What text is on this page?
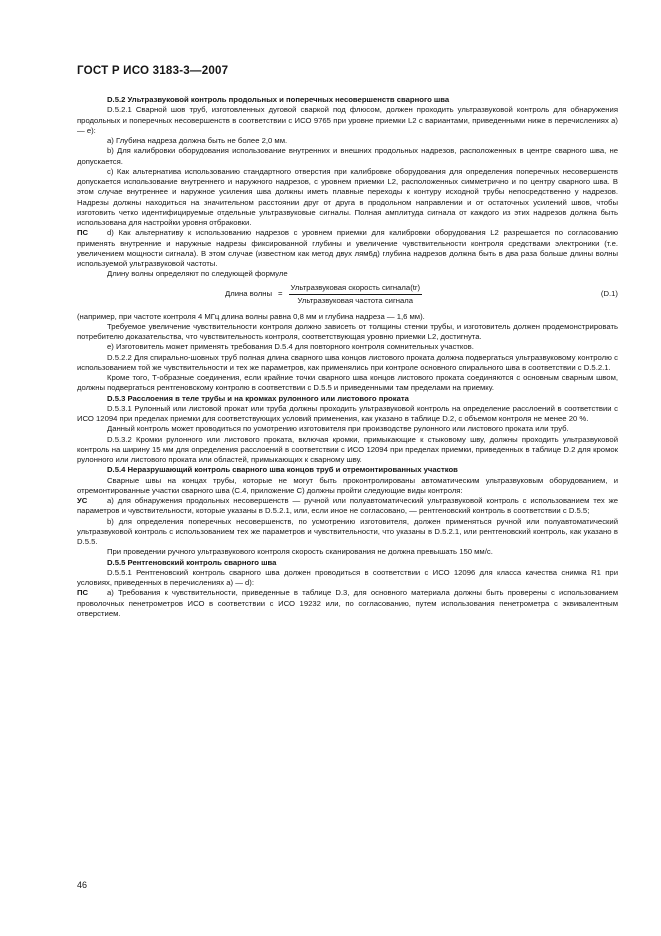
ГОСТ Р ИСО 3183-3—2007

D.5.2 Ультразвуковой контроль продольных и поперечных несовершенств сварного шва

D.5.2.1 Сварной шов труб, изготовленных дуговой сваркой под флюсом, должен проходить ультразвуковой контроль для обнаружения продольных и поперечных несовершенств в соответствии с ИСО 9765 при уровне приемки L2 с вариантами, приведенными ниже в перечислениях а) — е):

a) Глубина надреза должна быть не более 2,0 мм.

b) Для калибровки оборудования использование внутренних и внешних продольных надрезов, расположенных в центре сварного шва, не допускается.

c) Как альтернатива использованию стандартного отверстия при калибровке оборудования для определения поперечных несовершенств допускается использование внутреннего и наружного надрезов, с уровнем приемки L2, расположенных симметрично и по центру сварного шва. В этом случае внутреннее и наружное усиления шва должны иметь плавные переходы к контуру исходной трубы непосредственно у надрезов. Надрезы должны находиться на значительном расстоянии друг от друга в продольном направлении и от остаточных усилений швов, чтобы изготовить четко идентифицируемые отдельные ультразвуковые сигналы. Полная амплитуда сигнала от каждого из этих надрезов должна быть использована для настройки уровня отбраковки.

ПС	d) Как альтернативу к использованию надрезов с уровнем приемки для калибровки оборудования L2 разрешается по согласованию применять внутренние и наружные надрезы фиксированной глубины и увеличение чувствительности контроля средствами электроники (т.е. увеличением мощности сигнала). В этом случае (известном как метод двух лям6д) глубина надрезов должна быть в два раза больше длины волны используемой ультразвуковой частоты.

Длину волны определяют по следующей формуле

Длина волны = $\frac{\text{Ультразвуковая скорость сигнала(tr)}}{\text{Ультразвуковая частота сигнала}}$	(D.1)

(например, при частоте контроля 4 МГц длина волны равна 0,8 мм и глубина надреза — 1,6 мм).

Требуемое увеличение чувствительности контроля должно зависеть от толщины стенки трубы, и изготовитель должен продемонстрировать потребителю доказательства, что чувствительность контроля, соответствующая уровню приемки L2, достигнута.

e) Изготовитель может применять требования D.5.4 для повторного контроля сомнительных участков.

D.5.2.2 Для спирально-шовных труб полная длина сварного шва концов листового проката должна подвергаться ультразвуковому контролю с использованием той же чувствительности и тех же параметров, как применялись при контроле основного спирального шва в соответствии с D.5.2.1.

Кроме того, Т-образные соединения, если крайние точки сварного шва концов листового проката соединяются с основным сварным швом, должны подвергаться рентгеновскому контролю в соответствии с D.5.5 и приведенными там пределами на приемку.

D.5.3 Расслоения в теле трубы и на кромках рулонного или листового проката

D.5.3.1 Рулонный или листовой прокат или труба должны проходить ультразвуковой контроль на определение расслоений в соответствии с ИСО 12094 при пределах приемки для соответствующих условий применения, как указано в таблице D.2, с объемом контроля не менее 20 %.

Данный контроль может проводиться по усмотрению изготовителя при производстве рулонного или листового проката или труб.

D.5.3.2 Кромки рулонного или листового проката, включая кромки, примыкающие к стыковому шву, должны проходить ультразвуковой контроль на ширину 15 мм для определения расслоений в соответствии с ИСО 12094 при пределах приемки, приведенных в таблице D.2 для кромок рулонного или листового проката или областей, примыкающих к сварному шву.

D.5.4 Неразрушающий контроль сварного шва концов труб и отремонтированных участков

Сварные швы на концах трубы, которые не могут быть проконтролированы автоматическим ультразвуковым оборудованием, и отремонтированные участки сварного шва (С.4, приложение С) должны пройти следующие виды контроля:

УС	a) для обнаружения продольных несовершенств — ручной или полуавтоматический ультразвуковой контроль с использованием тех же параметров и чувствительности, которые указаны в D.5.2.1, или, если иное не согласовано, — рентгеновский контроль в соответствии с D.5.5;

b) для определения поперечных несовершенств, по усмотрению изготовителя, должен применяться ручной или полуавтоматический ультразвуковой контроль с использованием тех же параметров и чувствительности, что указаны в D.5.2.1, или рентгеновский контроль, как указано в D.5.5.

При проведении ручного ультразвукового контроля скорость сканирования не должна превышать 150 мм/с.

D.5.5 Рентгеновский контроль сварного шва

D.5.5.1 Рентгеновский контроль сварного шва должен проводиться в соответствии с ИСО 12096 для класса качества снимка R1 при условиях, приведенных в перечислениях а) — d):

ПС	a) Требования к чувствительности, приведенные в таблице D.3, для основного материала должны быть проверены с использованием проволочных пенетрометров ИСО в соответствии с ИСО 19232 или, по согласованию, путем использования пенетрометра с эквивалентным отверстием.

46
